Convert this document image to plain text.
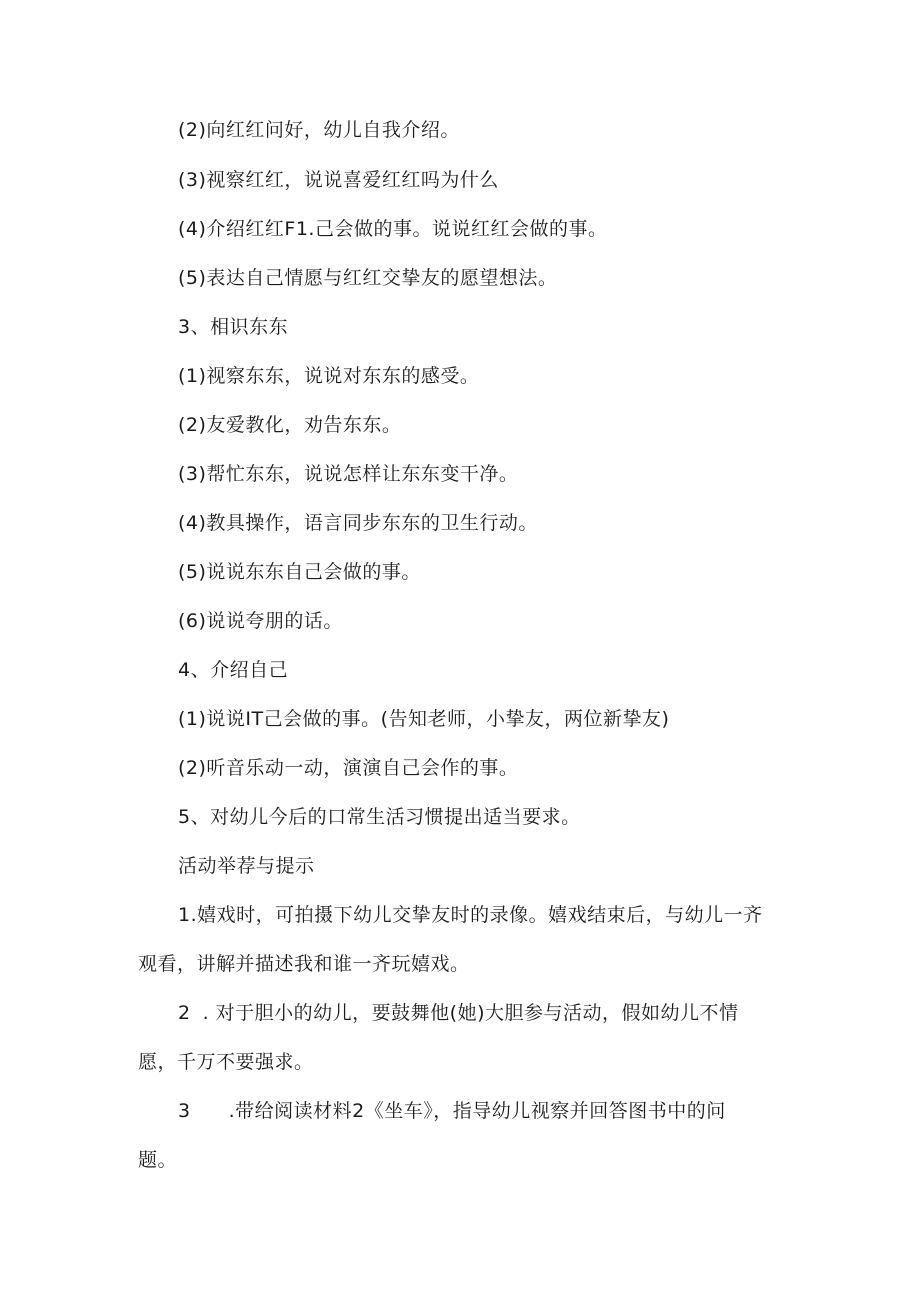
(2)向红红问好，幼儿自我介绍。
(3)视察红红，说说喜爱红红吗为什么
(4)介绍红红F1.己会做的事。说说红红会做的事。
(5)表达自己情愿与红红交挚友的愿望想法。
3、相识东东
(1)视察东东，说说对东东的感受。
(2)友爱教化，劝告东东。
(3)帮忙东东，说说怎样让东东变干净。
(4)教具操作，语言同步东东的卫生行动。
(5)说说东东自己会做的事。
(6)说说夸朋的话。
4、介绍自己
(1)说说IT己会做的事。(告知老师，小挚友，两位新挚友)
(2)听音乐动一动，演演自己会作的事。
5、对幼儿今后的口常生活习惯提出适当要求。
活动举荐与提示
1.嬉戏时，可拍摄下幼儿交挚友时的录像。嬉戏结束后，与幼儿一齐
观看，讲解并描述我和谁一齐玩嬉戏。
2 . 对于胆小的幼儿，要鼓舞他(她)大胆参与活动，假如幼儿不情
愿，千万不要强求。
3 .带给阅读材料2《坐车》，指导幼儿视察并回答图书中的问
题。
